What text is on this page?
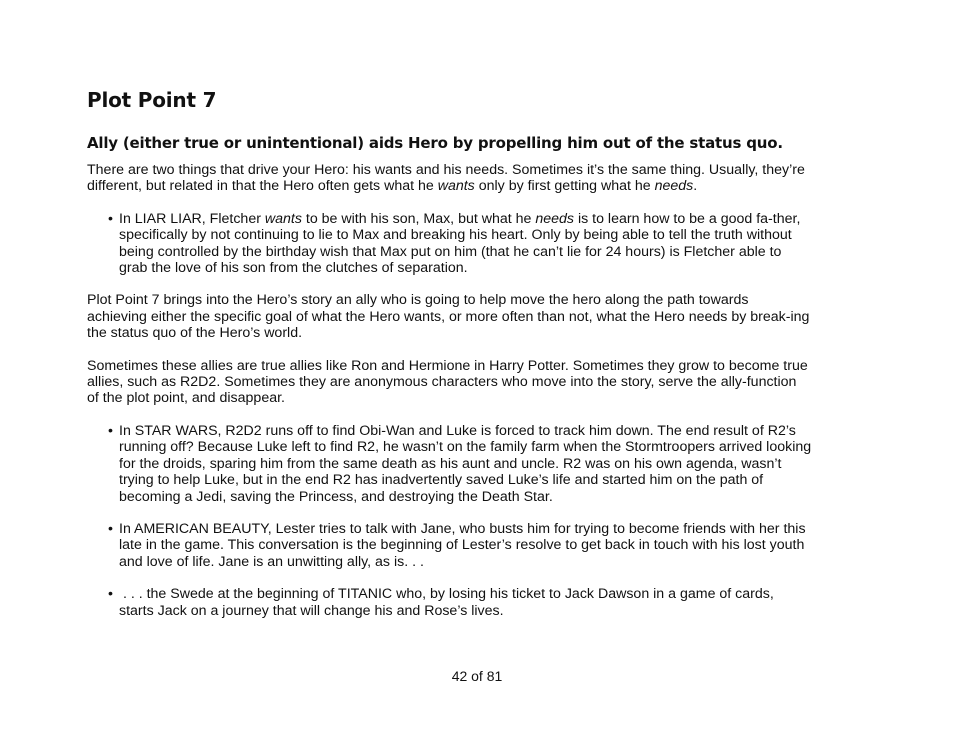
Plot Point 7
Ally (either true or unintentional) aids Hero by propelling him out of the status quo.

There are two things that drive your Hero: his wants and his needs. Sometimes it’s the same thing. Usually, they’re different, but related in that the Hero often gets what he wants only by first getting what he needs.

• In LIAR LIAR, Fletcher wants to be with his son, Max, but what he needs is to learn how to be a good fa-ther, specifically by not continuing to lie to Max and breaking his heart. Only by being able to tell the truth without being controlled by the birthday wish that Max put on him (that he can’t lie for 24 hours) is Fletcher able to grab the love of his son from the clutches of separation.

Plot Point 7 brings into the Hero’s story an ally who is going to help move the hero along the path towards achieving either the specific goal of what the Hero wants, or more often than not, what the Hero needs by break-ing the status quo of the Hero’s world.

Sometimes these allies are true allies like Ron and Hermione in Harry Potter. Sometimes they grow to become true allies, such as R2D2. Sometimes they are anonymous characters who move into the story, serve the ally-function of the plot point, and disappear.

• In STAR WARS, R2D2 runs off to find Obi-Wan and Luke is forced to track him down. The end result of R2’s running off? Because Luke left to find R2, he wasn’t on the family farm when the Stormtroopers arrived looking for the droids, sparing him from the same death as his aunt and uncle. R2 was on his own agenda, wasn’t trying to help Luke, but in the end R2 has inadvertently saved Luke’s life and started him on the path of becoming a Jedi, saving the Princess, and destroying the Death Star.
• In AMERICAN BEAUTY, Lester tries to talk with Jane, who busts him for trying to become friends with her this late in the game. This conversation is the beginning of Lester’s resolve to get back in touch with his lost youth and love of life. Jane is an unwitting ally, as is. . .
• . . . the Swede at the beginning of TITANIC who, by losing his ticket to Jack Dawson in a game of cards, starts Jack on a journey that will change his and Rose’s lives.
42 of 81
